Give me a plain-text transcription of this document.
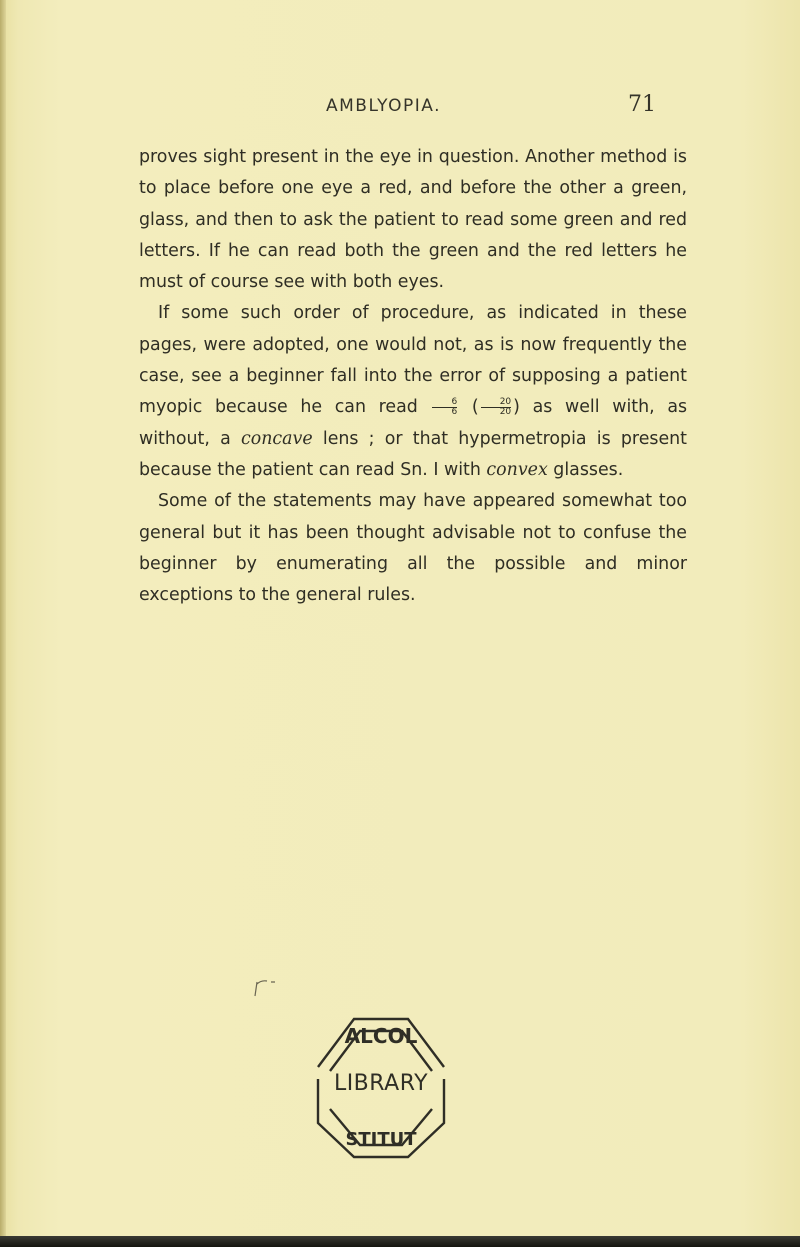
AMBLYOPIA.	71

proves sight present in the eye in question. Another method is to place before one eye a red, and before the other a green, glass, and then to ask the patient to read some green and red letters. If he can read both the green and the red letters he must of course see with both eyes.

If some such order of procedure, as indicated in these pages, were adopted, one would not, as is now frequently the case, see a beginner fall into the error of supposing a patient myopic because he can read $\frac{6}{6}$ ( $\frac{20}{20}$ ) as well with, as without, a concave lens ; or that hypermetropia is present because the patient can read Sn. I with convex glasses.

Some of the statements may have appeared somewhat too general but it has been thought advisable not to confuse the beginner by enumerating all the possible and minor exceptions to the general rules.

ALCOL
STITUT
LIBRARY
